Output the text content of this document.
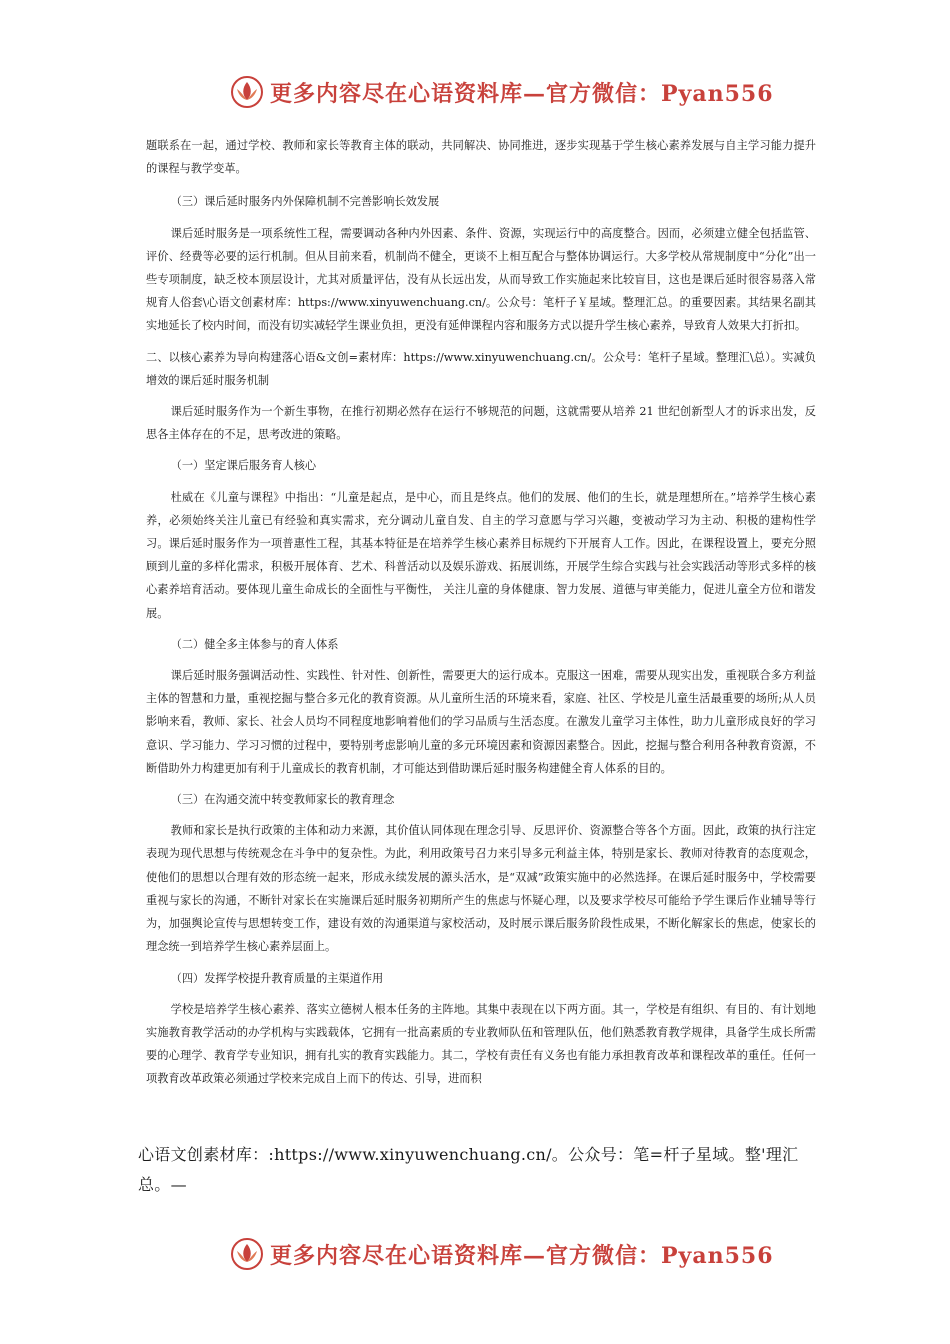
更多内容尽在心语资料库—官方微信：Pyan556

题联系在一起，通过学校、教师和家长等教育主体的联动，共同解决、协同推进，逐步实现基于学生核心素养发展与自主学习能力提升的课程与教学变革。

（三）课后延时服务内外保障机制不完善影响长效发展

课后延时服务是一项系统性工程，需要调动各种内外因素、条件、资源，实现运行中的高度整合。因而，必须建立健全包括监管、评价、经费等必要的运行机制。但从目前来看，机制尚不健全，更谈不上相互配合与整体协调运行。大多学校从常规制度中“分化”出一些专项制度，缺乏校本顶层设计，尤其对质量评估，没有从长远出发，从而导致工作实施起来比较盲目，这也是课后延时很容易落入常规育人俗套\心语文创素材库：https://www.xinyuwenchuang.cn/。公众号：笔杆子￥星域。整理汇总。的重要因素。其结果名副其实地延长了校内时间，而没有切实减轻学生课业负担，更没有延伸课程内容和服务方式以提升学生核心素养，导致育人效果大打折扣。

二、以核心素养为导向构建落心语&文创=素材库：https://www.xinyuwenchuang.cn/。公众号：笔杆子星域。整理汇\总）。实减负增效的课后延时服务机制

课后延时服务作为一个新生事物，在推行初期必然存在运行不够规范的问题，这就需要从培养 21 世纪创新型人才的诉求出发，反思各主体存在的不足，思考改进的策略。

（一）坚定课后服务育人核心

杜威在《儿童与课程》中指出：“儿童是起点，是中心，而且是终点。他们的发展、他们的生长，就是理想所在。”培养学生核心素养，必须始终关注儿童已有经验和真实需求，充分调动儿童自发、自主的学习意愿与学习兴趣，变被动学习为主动、积极的建构性学习。课后延时服务作为一项普惠性工程，其基本特征是在培养学生核心素养目标规约下开展育人工作。因此，在课程设置上，要充分照顾到儿童的多样化需求，积极开展体育、艺术、科普活动以及娱乐游戏、拓展训练，开展学生综合实践与社会实践活动等形式多样的核心素养培育活动。要体现儿童生命成长的全面性与平衡性， 关注儿童的身体健康、智力发展、道德与审美能力，促进儿童全方位和谐发展。

（二）健全多主体参与的育人体系

课后延时服务强调活动性、实践性、针对性、创新性，需要更大的运行成本。克服这一困难，需要从现实出发，重视联合多方利益主体的智慧和力量，重视挖掘与整合多元化的教育资源。从儿童所生活的环境来看，家庭、社区、学校是儿童生活最重要的场所;从人员影响来看，教师、家长、社会人员均不同程度地影响着他们的学习品质与生活态度。在激发儿童学习主体性，助力儿童形成良好的学习意识、学习能力、学习习惯的过程中，要特别考虑影响儿童的多元环境因素和资源因素整合。因此，挖掘与整合利用各种教育资源，不断借助外力构建更加有利于儿童成长的教育机制，才可能达到借助课后延时服务构建健全育人体系的目的。

（三）在沟通交流中转变教师家长的教育理念

教师和家长是执行政策的主体和动力来源，其价值认同体现在理念引导、反思评价、资源整合等各个方面。因此，政策的执行注定表现为现代思想与传统观念在斗争中的复杂性。为此，利用政策号召力来引导多元利益主体，特别是家长、教师对待教育的态度观念，使他们的思想以合理有效的形态统一起来，形成永续发展的源头活水，是“双减”政策实施中的必然选择。在课后延时服务中，学校需要重视与家长的沟通，不断针对家长在实施课后延时服务初期所产生的焦虑与怀疑心理，以及要求学校尽可能给予学生课后作业辅导等行为，加强舆论宣传与思想转变工作，建设有效的沟通渠道与家校活动，及时展示课后服务阶段性成果，不断化解家长的焦虑，使家长的理念统一到培养学生核心素养层面上。

（四）发挥学校提升教育质量的主渠道作用

学校是培养学生核心素养、落实立德树人根本任务的主阵地。其集中表现在以下两方面。其一，学校是有组织、有目的、有计划地实施教育教学活动的办学机构与实践载体，它拥有一批高素质的专业教师队伍和管理队伍，他们熟悉教育教学规律，具备学生成长所需要的心理学、教育学专业知识，拥有扎实的教育实践能力。其二，学校有责任有义务也有能力承担教育改革和课程改革的重任。任何一项教育改革政策必须通过学校来完成自上而下的传达、引导，进而积

心语文创素材库：:https://www.xinyuwenchuang.cn/。公众号：笔=杆子星域。整'理汇总。—
更多内容尽在心语资料库—官方微信：Pyan556
